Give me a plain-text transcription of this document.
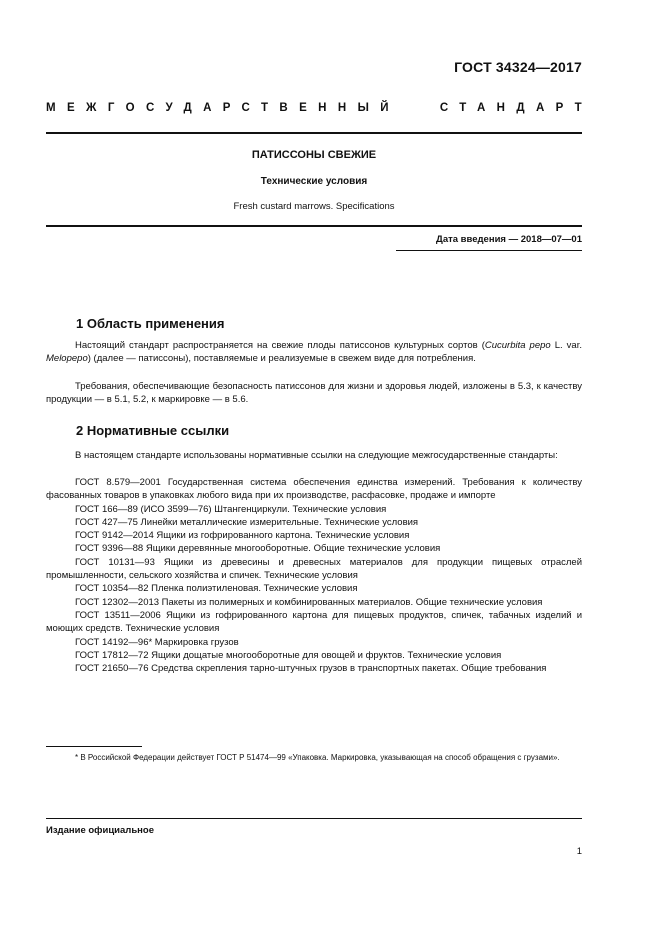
ГОСТ 34324—2017
МЕЖГОСУДАРСТВЕННЫЙ	СТАНДАРТ
ПАТИССОНЫ СВЕЖИЕ
Технические условия
Fresh custard marrows. Specifications
Дата введения — 2018—07—01
1 Область применения
Настоящий стандарт распространяется на свежие плоды патиссонов культурных сортов (Cucurbita pepo L. var. Melopepo) (далее — патиссоны), поставляемые и реализуемые в свежем виде для потребления.
Требования, обеспечивающие безопасность патиссонов для жизни и здоровья людей, изложены в 5.3, к качеству продукции — в 5.1, 5.2, к маркировке — в 5.6.
2 Нормативные ссылки
В настоящем стандарте использованы нормативные ссылки на следующие межгосударственные стандарты:

ГОСТ 8.579—2001 Государственная система обеспечения единства измерений. Требования к количеству фасованных товаров в упаковках любого вида при их производстве, расфасовке, продаже и импорте

ГОСТ 166—89 (ИСО 3599—76) Штангенциркули. Технические условия

ГОСТ 427—75 Линейки металлические измерительные. Технические условия

ГОСТ 9142—2014 Ящики из гофрированного картона. Технические условия

ГОСТ 9396—88 Ящики деревянные многооборотные. Общие технические условия

ГОСТ 10131—93 Ящики из древесины и древесных материалов для продукции пищевых отраслей промышленности, сельского хозяйства и спичек. Технические условия

ГОСТ 10354—82 Пленка полиэтиленовая. Технические условия

ГОСТ 12302—2013 Пакеты из полимерных и комбинированных материалов. Общие технические условия

ГОСТ 13511—2006 Ящики из гофрированного картона для пищевых продуктов, спичек, табачных изделий и моющих средств. Технические условия

ГОСТ 14192—96* Маркировка грузов

ГОСТ 17812—72 Ящики дощатые многооборотные для овощей и фруктов. Технические условия

ГОСТ 21650—76 Средства скрепления тарно-штучных грузов в транспортных пакетах. Общие требования

* В Российской Федерации действует ГОСТ Р 51474—99 «Упаковка. Маркировка, указывающая на способ обращения с грузами».
Издание официальное
1
